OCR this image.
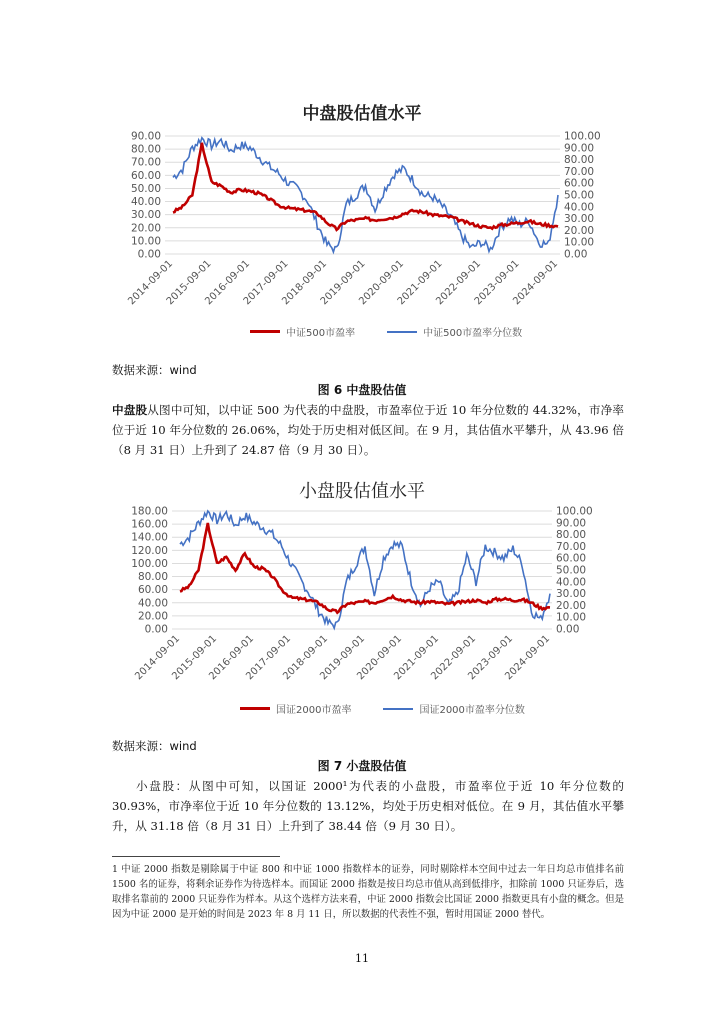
中盘股估值水平
90.00
80.00
70.00
60.00
50.00
40.00
30.00
20.00
10.00
0.00
100.00
90.00
80.00
70.00
60.00
50.00
40.00
30.00
20.00
10.00
0.00
2014-09-01
2015-09-01
2016-09-01
2017-09-01
2018-09-01
2019-09-01
2020-09-01
2021-09-01
2022-09-01
2023-09-01
2024-09-01
中证500市盈率	中证500市盈率分位数
数据来源：wind
图 6 中盘股估值
中盘股从图中可知，以中证 500 为代表的中盘股，市盈率位于近 10 年分位数的 44.32%，市净率位于近 10 年分位数的 26.06%，均处于历史相对低区间。在 9 月，其估值水平攀升，从 43.96 倍（8 月 31 日）上升到了 24.87 倍（9 月 30 日）。
小盘股估值水平
180.00
160.00
140.00
120.00
100.00
80.00
60.00
40.00
20.00
0.00
100.00
90.00
80.00
70.00
60.00
50.00
40.00
30.00
20.00
10.00
0.00
2014-09-01
2015-09-01
2016-09-01
2017-09-01
2018-09-01
2019-09-01
2020-09-01
2021-09-01
2022-09-01
2023-09-01
2024-09-01
国证2000市盈率	国证2000市盈率分位数
数据来源：wind
图 7 小盘股估值
小盘股：从图中可知，以国证 2000¹为代表的小盘股，市盈率位于近 10 年分位数的 30.93%，市净率位于近 10 年分位数的 13.12%，均处于历史相对低位。在 9 月，其估值水平攀升，从 31.18 倍（8 月 31 日）上升到了 38.44 倍（9 月 30 日）。
1 中证 2000 指数是剔除属于中证 800 和中证 1000 指数样本的证券，同时剔除样本空间中过去一年日均总市值排名前 1500 名的证券，将剩余证券作为待选样本。而国证 2000 指数是按日均总市值从高到低排序，扣除前 1000 只证券后，选取排名靠前的 2000 只证券作为样本。从这个选样方法来看，中证 2000 指数会比国证 2000 指数更具有小盘的概念。但是因为中证 2000 是开始的时间是 2023 年 8 月 11 日，所以数据的代表性不强，暂时用国证 2000 替代。
11
